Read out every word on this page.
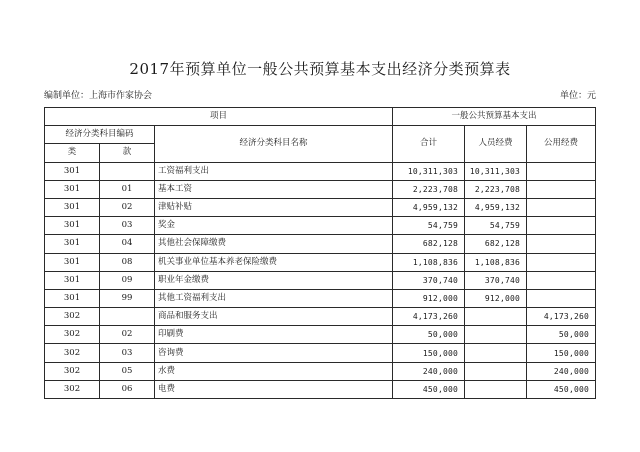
2017年预算单位一般公共预算基本支出经济分类预算表
编制单位：上海市作家协会	单位：元
项目			一般公共预算基本支出		
经济分类科目编码		经济分类科目名称	合计	人员经费	公用经费
类	款				
301		工资福利支出	10,311,303	10,311,303	
301	01	基本工资	2,223,708	2,223,708	
301	02	津贴补贴	4,959,132	4,959,132	
301	03	奖金	54,759	54,759	
301	04	其他社会保障缴费	682,128	682,128	
301	08	机关事业单位基本养老保险缴费	1,108,836	1,108,836	
301	09	职业年金缴费	370,740	370,740	
301	99	其他工资福利支出	912,000	912,000	
302		商品和服务支出	4,173,260		4,173,260
302	02	印刷费	50,000		50,000
302	03	咨询费	150,000		150,000
302	05	水费	240,000		240,000
302	06	电费	450,000		450,000
